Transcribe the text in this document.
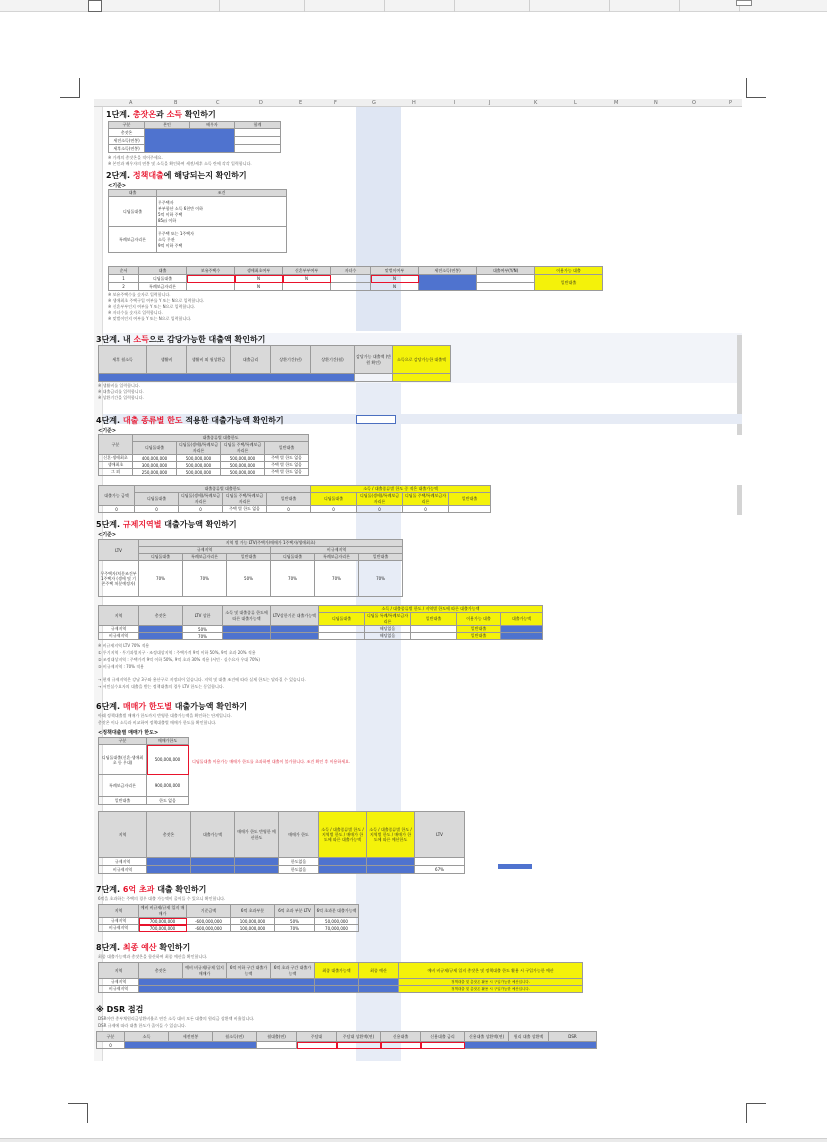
A	B	C	D	E	F	G	H	I	J	K	L	M	N	O	P
1단계. 총잣온과 소득 확인하기
구분	본인	배우자	합계
총잣온			
세전소득(연봉)			
세후소득(연봉)			
※ 가계의 총잣온을 적어주세요.
※ 본인과 배우자의 연봉 및 소득을 확인하여 세전/세후 소득 란에 각각 입력합니다.
2단계. 정책대출에 해당되는지 확인하기
<기준>
대출	조건
디딤돌대출	무주택자
부부합산 소득 6천만 이하
5억 이하 주택
85㎡ 이하

특례보금자리론	무주택 또는 1주택자
소득 무관
9억 이하 주택
순서	대출	보유주택수	생애최초여부	신혼부부여부	자녀수	맞벌이여부	세전소득(연봉)	대출여부(Y/N)	이용가능 대출
1	디딤돌대출		N	N		N			일반대출
2	특례보금자리론		N			N			
※ 보유주택수를 숫자로 입력합니다.
※ 생애최초 주택구입 여부를 Y 또는 N으로 입력합니다.
※ 신혼부부인지 여부를 Y 또는 N으로 입력합니다.
※ 자녀수를 숫자로 입력합니다.
※ 맞벌이인지 여부를 Y 또는 N으로 입력합니다.
3단계. 내 소득으로 감당가능한 대출액 확인하기
세후 월소득	생활비	생활비 외 월상환금	대출금리	상환기간(년)	상환기간(월)	감당가능 대출액 (만원 확인)	소득으로 감당가능한 대출액

※ 생활비를 입력합니다.
※ 대출금리를 입력합니다.
※ 상환기간을 입력합니다.
4단계. 대출 종류별 한도 적용한 대출가능액 확인하기
<기준>
구분	대출종류별 대출한도			
	디딤돌대출	디딤돌(생애)/특례보금자리론	디딤돌 주택/특례보금자리론	일반대출
신혼·생애최초	400,000,000	500,000,000	500,000,000	주택 별 한도 없음
생애최초	300,000,000	500,000,000	500,000,000	주택 별 한도 없음
그 외	250,000,000	500,000,000	500,000,000	주택 별 한도 없음
대출가능 금액	대출종류별 대출한도				소득 / 대출종류별 한도 중 적은 대출가능액			
	디딤돌대출	디딤돌(생애)/특례보금자리론	디딤돌 주택/특례보금자리론	일반대출	디딤돌대출	디딤돌(생애)/특례보금자리론	디딤돌 주택/특례보금자리론	일반대출
0	0	0	주택 별 한도 없음	0	0	0	0	
5단계. 규제지역별 대출가능액 확인하기
<기준>
LTV	지역 별 가능 LTV(주택가/매매가 1주택자/생애최초)					
	규제지역			비규제지역		
	디딤돌대출	특례보금자리론	일반대출	디딤돌대출	특례보금자리론	일반대출
무주택자/처분조건부 1주택자 (생애 및 기존주택 처분예정자)	70%	70%	50%	70%	70%	70%
지역	총잣온	LTV 상한	소득 및 대출종류 한도에 따른 대출가능액	LTV상한기준 대출가능액	소득 / 대출종류별 한도 / 지역별 한도에 따른 대출가능액				
					디딤돌대출	디딤돌 특례/특례보금자리론	일반대출	이용가능 대출	대출가능액
규제지역		50%				해당없음		일반대출	
비규제지역		70%				해당없음		일반대출	
※ 비규제지역 LTV 70% 적용
① 투기지역 · 투기과열지구 · 조정대상지역 : 주택가격 9억 이하 50%, 9억 초과 20% 적용
② 조정대상지역 : 주택가격 9억 이하 50%, 9억 초과 30% 적용 (서민 · 실수요자 우대 70%)
③ 비규제지역 : 70% 적용
→ 현재 규제지역은 강남 3구와 용산구로 지정되어 있습니다. 지역 및 대출 조건에 따라 실제 한도는 달라질 수 있습니다.
→ 서민실수요자의 대출을 받는 정책대출의 경우 LTV 한도는 동일합니다.
6단계. 매매가 한도별 대출가능액 확인하기
아래 정책대출별 매매가 한도까지 반영한 대출가능액을 확인하는 단계입니다.
총잣온 이나 소득과 비교하여 정책대출별 매매가 한도를 확인합니다.
<정책대출별 매매가 한도>
구분	매매가한도
디딤돌대출(신혼·생애최초 등 우대)	500,000,000
특례보금자리론	900,000,000
일반대출	한도 없음
디딤돌대출 이용가능 매매가 한도를 초과하면 대출이 불가합니다. 조건 확인 후 이용하세요.
지역	총잣온	대출가능액	매매가 한도 반영한 예산한도	매매가 한도	소득 / 대출종류별 한도 / 지역별 한도 / 매매가 한도에 따른 대출가능액	소득 / 대출종류별 한도 / 지역별 한도 / 매매가 한도에 따른 예산한도	LTV
규제지역				한도없음			
비규제지역				한도없음			67%
7단계. 6억 초과 대출 확인하기
6억을 초과하는 주택의 경우 대출 가능액이 줄어들 수 있으니 확인합니다.
지역	예비 비규제/규제 입지 매매가	기준금액	6억 초과부분	6억 초과 부분 LTV	6억 초과분 대출가능액
규제지역	700,000,000	-600,000,000	100,000,000	50%	50,000,000
비규제지역	700,000,000	-600,000,000	100,000,000	70%	70,000,000
8단계. 최종 예산 확인하기
최종 대출가능액과 총잣온을 합산하여 최종 예산을 확인합니다.
지역	총잣온	예비 비규제/규제 입지 매매가	6억 이하 구간 대출가능액	6억 초과 구간 대출가능액	최종 대출가능액	최종 예산	예비 비규제/규제 입지 총잣온 및 정책대출 한도 활용 시 구입가능한 예산
규제지역							정책대출 및 총잣온 활용 시 구입가능한 예산입니다.
비규제지역							정책대출 및 총잣온 활용 시 구입가능한 예산입니다.
※ DSR 점검
DSR이란 총부채원리금상환비율로 연간 소득 대비 모든 대출의 원리금 상환액 비율입니다.
DSR 규제에 따라 대출 한도가 줄어들 수 있습니다.
구분	소득	세전연봉	월소득(연)	월대출(연)	주담대	주담대 상환액(연)	신용대출	신용대출 금리	신용대출 상환액(연)	원리 대출 상환액	DSR
0											
